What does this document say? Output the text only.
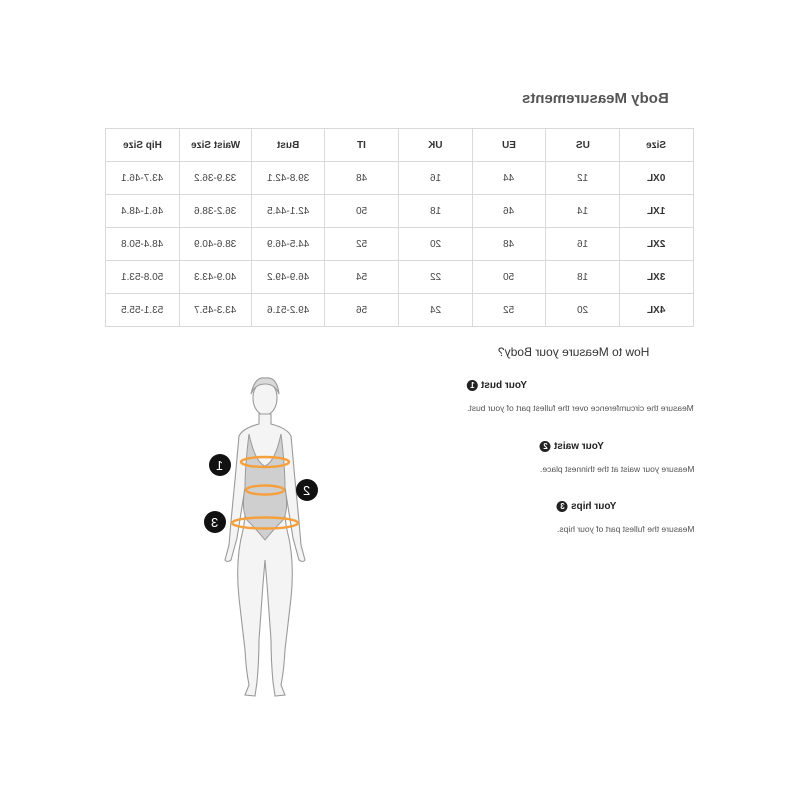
Body Measurements
Hip Size	Waist Size	Bust	IT	UK	EU	US	Size
43.7-46.1	33.9-36.2	39.8-42.1	48	16	44	12	0XL
46.1-48.4	36.2-38.6	42.1-44.5	50	18	46	14	1XL
48.4-50.8	38.6-40.9	44.5-46.9	52	20	48	16	2XL
50.8-53.1	40.9-43.3	46.9-49.2	54	22	50	18	3XL
53.1-55.5	43.3-45.7	49.2-51.6	56	24	52	20	4XL
How to Measure your Body?
Your bust
1
Measure the circumference over the fullest part of your bust.
Your waist
2
Measure your waist at the thinnest place.
Your hips
3
Measure the fullest part of your hips.
1
2
3
